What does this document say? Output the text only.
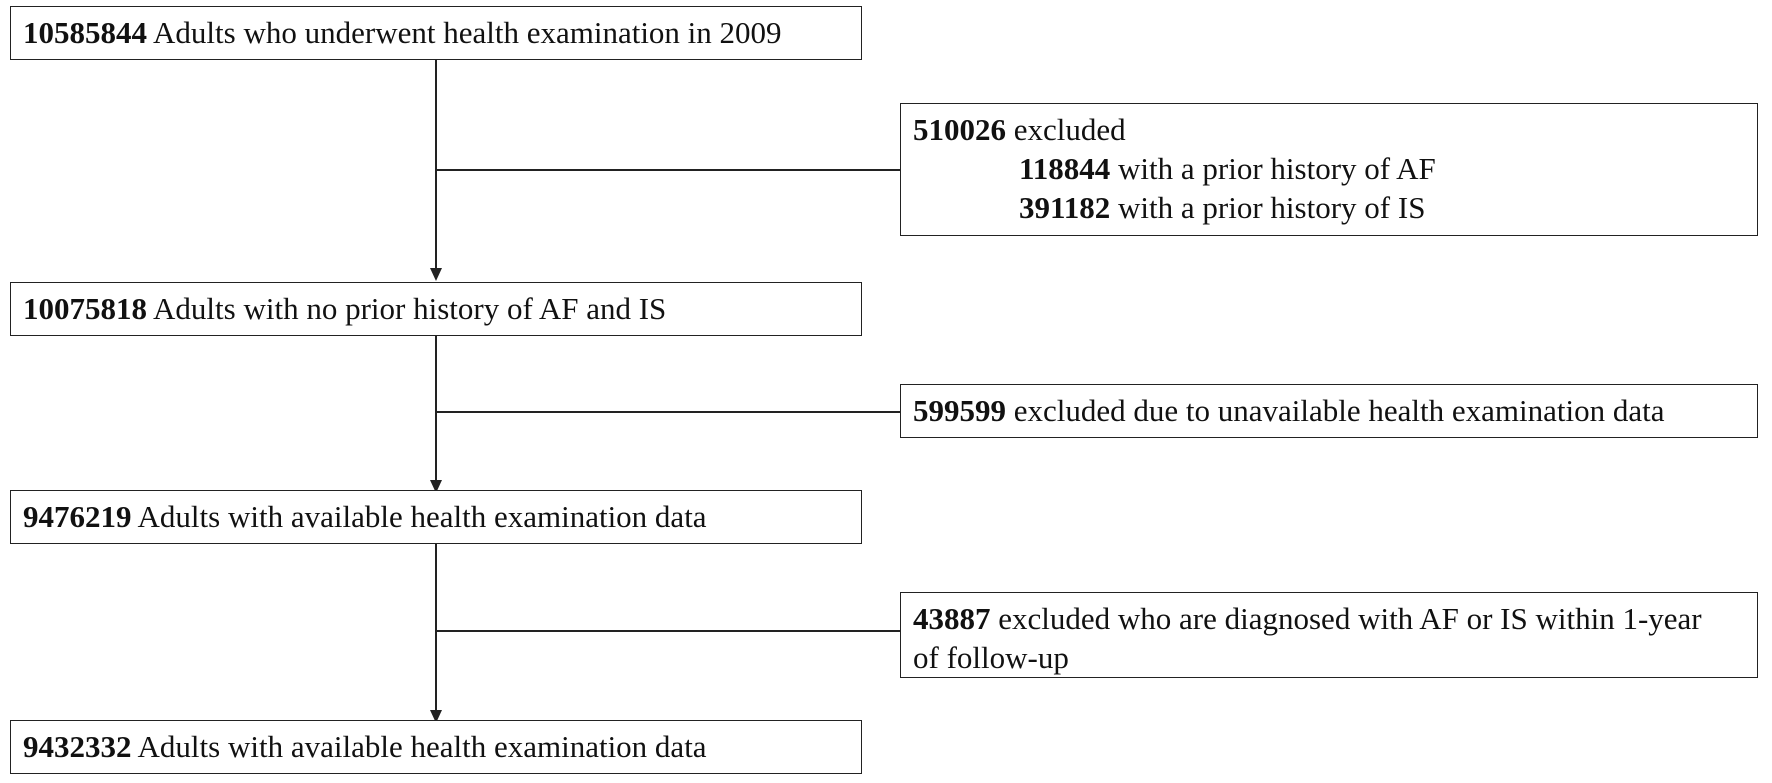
10585844 Adults who underwent health examination in 2009
510026 excluded
118844 with a prior history of AF
391182 with a prior history of IS
10075818 Adults with no prior history of AF and IS
599599 excluded due to unavailable health examination data
9476219 Adults with available health examination data
43887 excluded who are diagnosed with AF or IS within 1-year
of follow-up
9432332 Adults with available health examination data
